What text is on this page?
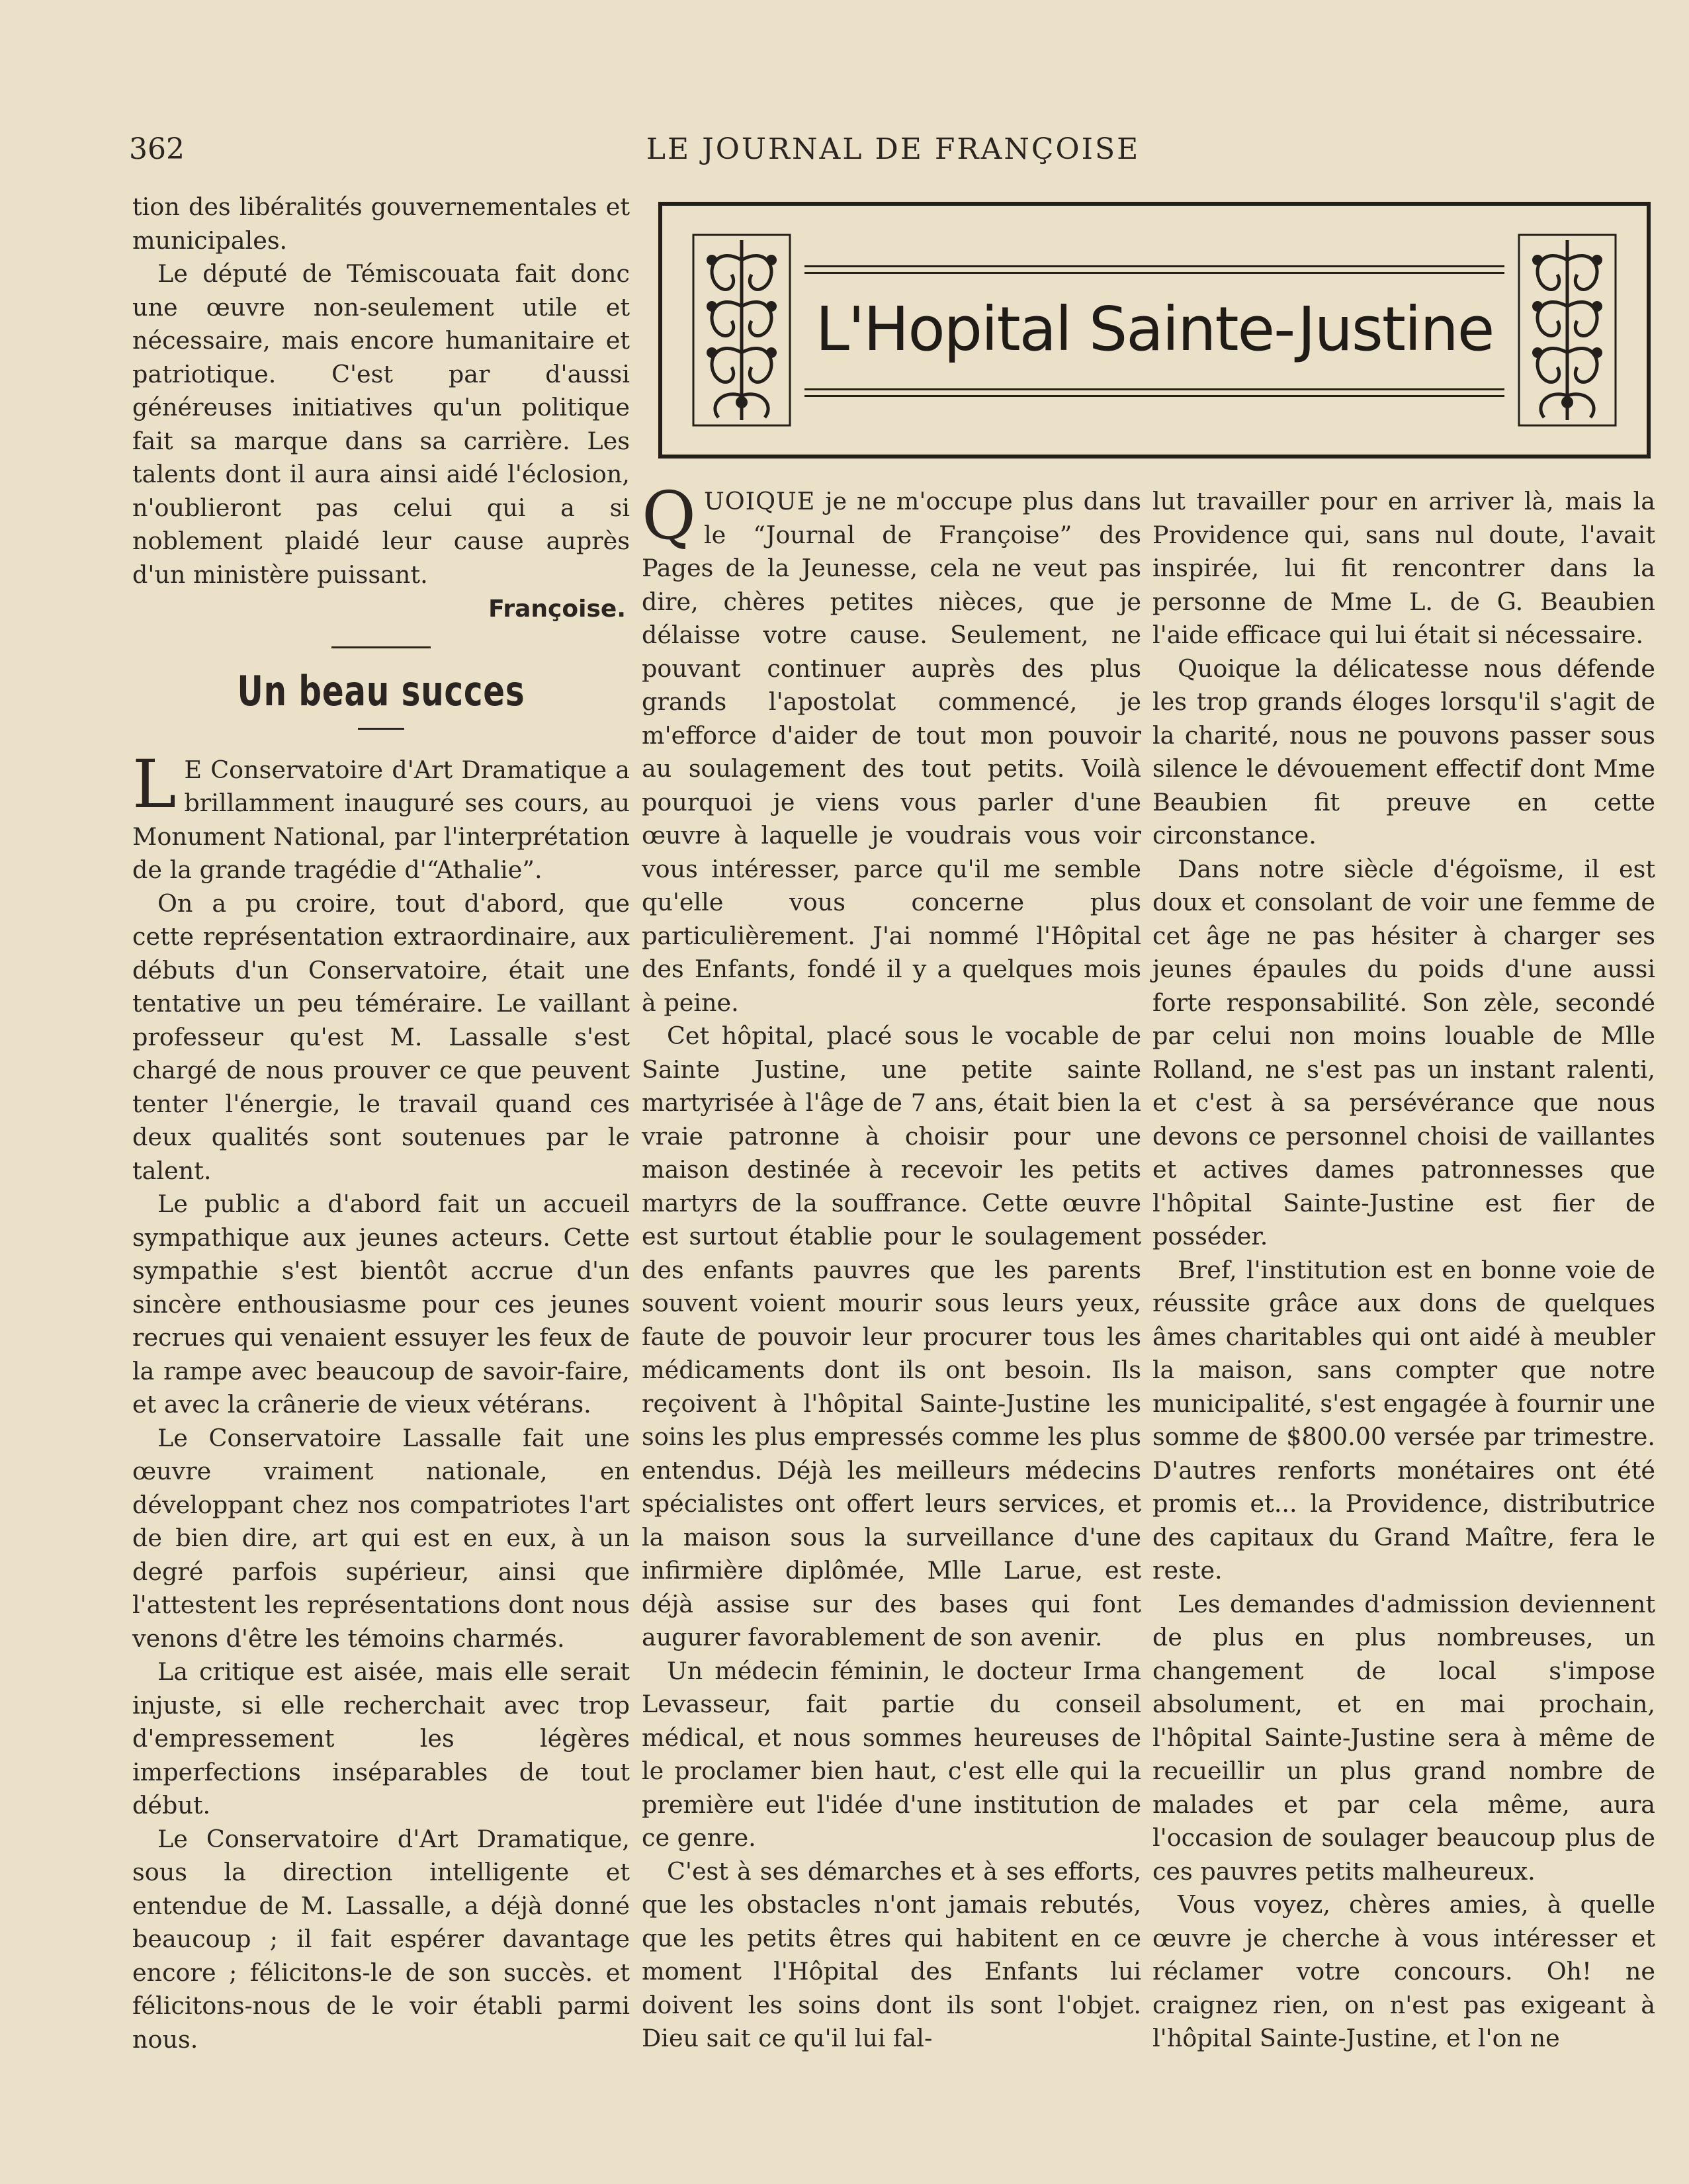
362	LE JOURNAL DE FRANÇOISE

tion des libéralités gouvernementales et municipales.

Le député de Témiscouata fait donc une œuvre non-seulement utile et nécessaire, mais encore humanitaire et patriotique. C'est par d'aussi généreuses initiatives qu'un politique fait sa marque dans sa carrière. Les talents dont il aura ainsi aidé l'éclosion, n'oublieront pas celui qui a si noblement plaidé leur cause auprès d'un ministère puissant.

Françoise.
Un beau succes

L E Conservatoire d'Art Dramatique a brillamment inauguré ses cours, au Monument National, par l'interprétation de la grande tragédie d'“Athalie”.

On a pu croire, tout d'abord, que cette représentation extraordinaire, aux débuts d'un Conservatoire, était une tentative un peu téméraire. Le vaillant professeur qu'est M. Lassalle s'est chargé de nous prouver ce que peuvent tenter l'énergie, le travail quand ces deux qualités sont soutenues par le talent.

Le public a d'abord fait un accueil sympathique aux jeunes acteurs. Cette sympathie s'est bientôt accrue d'un sincère enthousiasme pour ces jeunes recrues qui venaient essuyer les feux de la rampe avec beaucoup de savoir-faire, et avec la crânerie de vieux vétérans.

Le Conservatoire Lassalle fait une œuvre vraiment nationale, en développant chez nos compatriotes l'art de bien dire, art qui est en eux, à un degré parfois supérieur, ainsi que l'attestent les représentations dont nous venons d'être les témoins charmés.

La critique est aisée, mais elle serait injuste, si elle recherchait avec trop d'empressement les légères imperfections inséparables de tout début.

Le Conservatoire d'Art Dramatique, sous la direction intelligente et entendue de M. Lassalle, a déjà donné beaucoup ; il fait espérer davantage encore ; félicitons-le de son succès. et félicitons-nous de le voir établi parmi nous.

L'Hopital Sainte-Justine

QUOIQUE je ne m'occupe plus dans le “Journal de Françoise” des Pages de la Jeunesse, cela ne veut pas dire, chères petites nièces, que je délaisse votre cause. Seulement, ne pouvant continuer auprès des plus grands l'apostolat commencé, je m'efforce d'aider de tout mon pouvoir au soulagement des tout petits. Voilà pourquoi je viens vous parler d'une œuvre à laquelle je voudrais vous voir vous intéresser, parce qu'il me semble qu'elle vous concerne plus particulièrement. J'ai nommé l'Hôpital des Enfants, fondé il y a quelques mois à peine.

Cet hôpital, placé sous le vocable de Sainte Justine, une petite sainte martyrisée à l'âge de 7 ans, était bien la vraie patronne à choisir pour une maison destinée à recevoir les petits martyrs de la souffrance. Cette œuvre est surtout établie pour le soulagement des enfants pauvres que les parents souvent voient mourir sous leurs yeux, faute de pouvoir leur procurer tous les médicaments dont ils ont besoin. Ils reçoivent à l'hôpital Sainte-Justine les soins les plus empressés comme les plus entendus. Déjà les meilleurs médecins spécialistes ont offert leurs services, et la maison sous la surveillance d'une infirmière diplômée, Mlle Larue, est déjà assise sur des bases qui font augurer favorablement de son avenir.

Un médecin féminin, le docteur Irma Levasseur, fait partie du conseil médical, et nous sommes heureuses de le proclamer bien haut, c'est elle qui la première eut l'idée d'une institution de ce genre.

C'est à ses démarches et à ses efforts, que les obstacles n'ont jamais rebutés, que les petits êtres qui habitent en ce moment l'Hôpital des Enfants lui doivent les soins dont ils sont l'objet. Dieu sait ce qu'il lui fal-

lut travailler pour en arriver là, mais la Providence qui, sans nul doute, l'avait inspirée, lui fit rencontrer dans la personne de Mme L. de G. Beaubien l'aide efficace qui lui était si nécessaire.

Quoique la délicatesse nous défende les trop grands éloges lorsqu'il s'agit de la charité, nous ne pouvons passer sous silence le dévouement effectif dont Mme Beaubien fit preuve en cette circonstance.

Dans notre siècle d'égoïsme, il est doux et consolant de voir une femme de cet âge ne pas hésiter à charger ses jeunes épaules du poids d'une aussi forte responsabilité. Son zèle, secondé par celui non moins louable de Mlle Rolland, ne s'est pas un instant ralenti, et c'est à sa persévérance que nous devons ce personnel choisi de vaillantes et actives dames patronnesses que l'hôpital Sainte-Justine est fier de posséder.

Bref, l'institution est en bonne voie de réussite grâce aux dons de quelques âmes charitables qui ont aidé à meubler la maison, sans compter que notre municipalité, s'est engagée à fournir une somme de $800.00 versée par trimestre. D'autres renforts monétaires ont été promis et... la Providence, distributrice des capitaux du Grand Maître, fera le reste.

Les demandes d'admission deviennent de plus en plus nombreuses, un changement de local s'impose absolument, et en mai prochain, l'hôpital Sainte-Justine sera à même de recueillir un plus grand nombre de malades et par cela même, aura l'occasion de soulager beaucoup plus de ces pauvres petits malheureux.

Vous voyez, chères amies, à quelle œuvre je cherche à vous intéresser et réclamer votre concours. Oh! ne craignez rien, on n'est pas exigeant à l'hôpital Sainte-Justine, et l'on ne
